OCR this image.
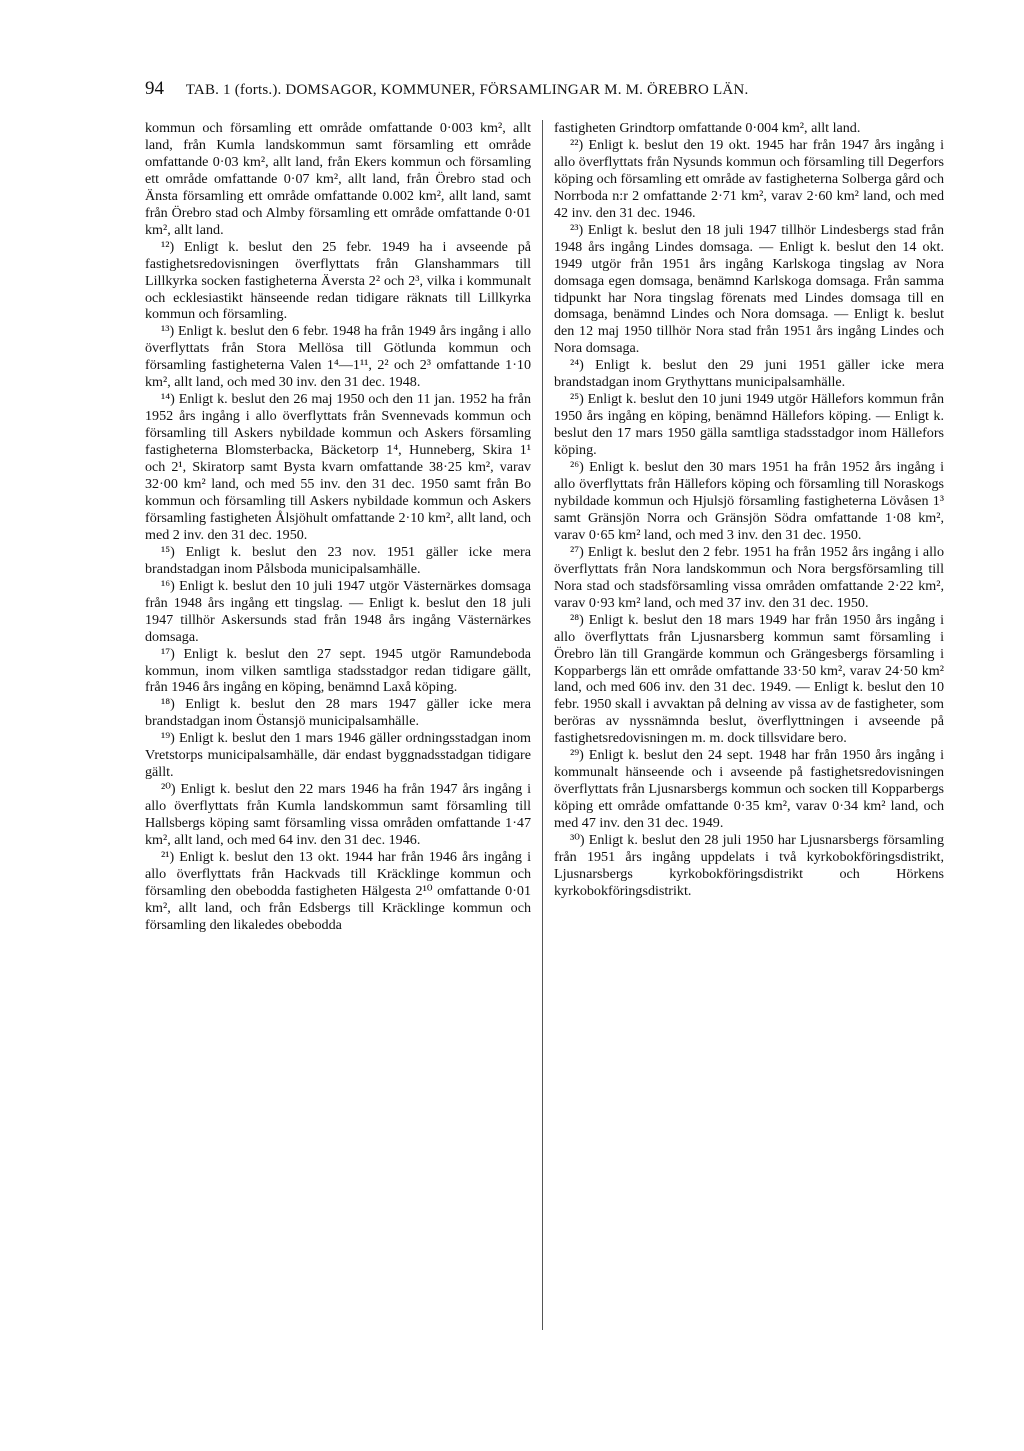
94 TAB. 1 (forts.). DOMSAGOR, KOMMUNER, FÖRSAMLINGAR M. M. ÖREBRO LÄN.

kommun och församling ett område omfattande 0·003 km², allt land, från Kumla landskommun samt församling ett område omfattande 0·03 km², allt land, från Ekers kommun och församling ett område omfattande 0·07 km², allt land, från Örebro stad och Änsta församling ett område omfattande 0.002 km², allt land, samt från Örebro stad och Almby församling ett område omfattande 0·01 km², allt land.

¹²) Enligt k. beslut den 25 febr. 1949 ha i avseende på fastighetsredovisningen överflyttats från Glanshammars till Lillkyrka socken fastigheterna Äversta 2² och 2³, vilka i kommunalt och ecklesiastikt hänseende redan tidigare räknats till Lillkyrka kommun och församling.

¹³) Enligt k. beslut den 6 febr. 1948 ha från 1949 års ingång i allo överflyttats från Stora Mellösa till Götlunda kommun och församling fastigheterna Valen 1⁴—1¹¹, 2² och 2³ omfattande 1·10 km², allt land, och med 30 inv. den 31 dec. 1948.

¹⁴) Enligt k. beslut den 26 maj 1950 och den 11 jan. 1952 ha från 1952 års ingång i allo överflyttats från Svennevads kommun och församling till Askers nybildade kommun och Askers församling fastigheterna Blomsterbacka, Bäcketorp 1⁴, Hunneberg, Skira 1¹ och 2¹, Skiratorp samt Bysta kvarn omfattande 38·25 km², varav 32·00 km² land, och med 55 inv. den 31 dec. 1950 samt från Bo kommun och församling till Askers nybildade kommun och Askers församling fastigheten Ålsjöhult omfattande 2·10 km², allt land, och med 2 inv. den 31 dec. 1950.

¹⁵) Enligt k. beslut den 23 nov. 1951 gäller icke mera brandstadgan inom Pålsboda municipalsamhälle.

¹⁶) Enligt k. beslut den 10 juli 1947 utgör Västernärkes domsaga från 1948 års ingång ett tingslag. — Enligt k. beslut den 18 juli 1947 tillhör Askersunds stad från 1948 års ingång Västernärkes domsaga.

¹⁷) Enligt k. beslut den 27 sept. 1945 utgör Ramundeboda kommun, inom vilken samtliga stadsstadgor redan tidigare gällt, från 1946 års ingång en köping, benämnd Laxå köping.

¹⁸) Enligt k. beslut den 28 mars 1947 gäller icke mera brandstadgan inom Östansjö municipalsamhälle.

¹⁹) Enligt k. beslut den 1 mars 1946 gäller ordningsstadgan inom Vretstorps municipalsamhälle, där endast byggnadsstadgan tidigare gällt.

²⁰) Enligt k. beslut den 22 mars 1946 ha från 1947 års ingång i allo överflyttats från Kumla landskommun samt församling till Hallsbergs köping samt församling vissa områden omfattande 1·47 km², allt land, och med 64 inv. den 31 dec. 1946.

²¹) Enligt k. beslut den 13 okt. 1944 har från 1946 års ingång i allo överflyttats från Hackvads till Kräcklinge kommun och församling den obebodda fastigheten Hälgesta 2¹⁰ omfattande 0·01 km², allt land, och från Edsbergs till Kräcklinge kommun och församling den likaledes obebodda

fastigheten Grindtorp omfattande 0·004 km², allt land.

²²) Enligt k. beslut den 19 okt. 1945 har från 1947 års ingång i allo överflyttats från Nysunds kommun och församling till Degerfors köping och församling ett område av fastigheterna Solberga gård och Norrboda n:r 2 omfattande 2·71 km², varav 2·60 km² land, och med 42 inv. den 31 dec. 1946.

²³) Enligt k. beslut den 18 juli 1947 tillhör Lindesbergs stad från 1948 års ingång Lindes domsaga. — Enligt k. beslut den 14 okt. 1949 utgör från 1951 års ingång Karlskoga tingslag av Nora domsaga egen domsaga, benämnd Karlskoga domsaga. Från samma tidpunkt har Nora tingslag förenats med Lindes domsaga till en domsaga, benämnd Lindes och Nora domsaga. — Enligt k. beslut den 12 maj 1950 tillhör Nora stad från 1951 års ingång Lindes och Nora domsaga.

²⁴) Enligt k. beslut den 29 juni 1951 gäller icke mera brandstadgan inom Grythyttans municipalsamhälle.

²⁵) Enligt k. beslut den 10 juni 1949 utgör Hällefors kommun från 1950 års ingång en köping, benämnd Hällefors köping. — Enligt k. beslut den 17 mars 1950 gälla samtliga stadsstadgor inom Hällefors köping.

²⁶) Enligt k. beslut den 30 mars 1951 ha från 1952 års ingång i allo överflyttats från Hällefors köping och församling till Noraskogs nybildade kommun och Hjulsjö församling fastigheterna Lövåsen 1³ samt Gränsjön Norra och Gränsjön Södra omfattande 1·08 km², varav 0·65 km² land, och med 3 inv. den 31 dec. 1950.

²⁷) Enligt k. beslut den 2 febr. 1951 ha från 1952 års ingång i allo överflyttats från Nora landskommun och Nora bergsförsamling till Nora stad och stadsförsamling vissa områden omfattande 2·22 km², varav 0·93 km² land, och med 37 inv. den 31 dec. 1950.

²⁸) Enligt k. beslut den 18 mars 1949 har från 1950 års ingång i allo överflyttats från Ljusnarsberg kommun samt församling i Örebro län till Grangärde kommun och Grängesbergs församling i Kopparbergs län ett område omfattande 33·50 km², varav 24·50 km² land, och med 606 inv. den 31 dec. 1949. — Enligt k. beslut den 10 febr. 1950 skall i avvaktan på delning av vissa av de fastigheter, som beröras av nyssnämnda beslut, överflyttningen i avseende på fastighetsredovisningen m. m. dock tillsvidare bero.

²⁹) Enligt k. beslut den 24 sept. 1948 har från 1950 års ingång i kommunalt hänseende och i avseende på fastighetsredovisningen överflyttats från Ljusnarsbergs kommun och socken till Kopparbergs köping ett område omfattande 0·35 km², varav 0·34 km² land, och med 47 inv. den 31 dec. 1949.

³⁰) Enligt k. beslut den 28 juli 1950 har Ljusnarsbergs församling från 1951 års ingång uppdelats i två kyrkobokföringsdistrikt, Ljusnarsbergs kyrkobokföringsdistrikt och Hörkens kyrkobokföringsdistrikt.
